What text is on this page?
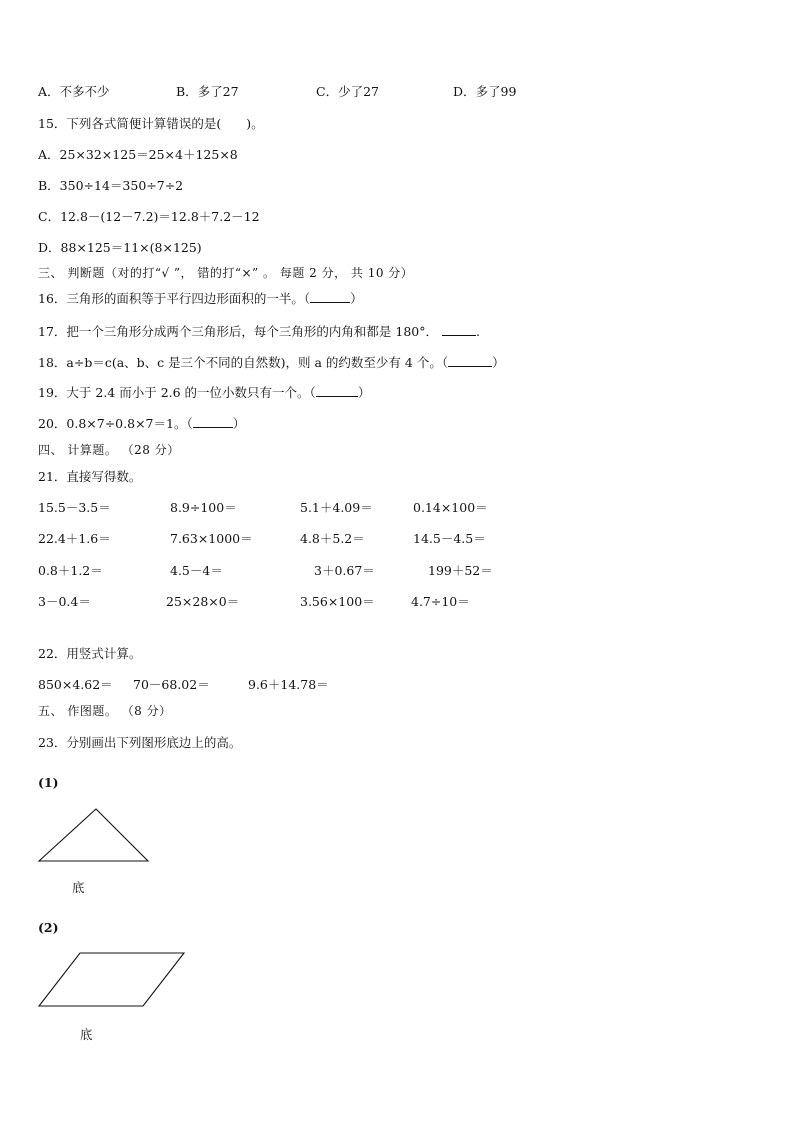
A．不多不少	B．多了27	C．少了27	D．多了99
15．下列各式简便计算错误的是(　　)。
A．25×32×125＝25×4＋125×8
B．350÷14＝350÷7÷2
C．12.8－(12－7.2)＝12.8＋7.2－12
D．88×125＝11×(8×125)
三、 判断题（对的打“√ ”， 错的打“×” 。 每题 2 分， 共 10 分）
16．三角形的面积等于平行四边形面积的一半。（	）
17．把一个三角形分成两个三角形后，每个三角形的内角和都是 180°．	.
18．a÷b＝c(a、b、c 是三个不同的自然数)，则 a 的约数至少有 4 个。（	）
19．大于 2.4 而小于 2.6 的一位小数只有一个。（	）
20．0.8×7÷0.8×7＝1。（	）
四、 计算题。 （28 分）
21．直接写得数。
15.5－3.5＝	8.9÷100＝	5.1＋4.09＝	0.14×100＝
22.4＋1.6＝	7.63×1000＝	4.8＋5.2＝	14.5－4.5＝
0.8＋1.2＝	4.5－4＝	3＋0.67＝	199＋52＝
3－0.4＝	25×28×0＝	3.56×100＝	4.7÷10＝
22．用竖式计算。
850×4.62＝ 70－68.02＝	9.6＋14.78＝
五、 作图题。 （8 分）
23．分别画出下列图形底边上的高。
(1)
底
(2)
底
